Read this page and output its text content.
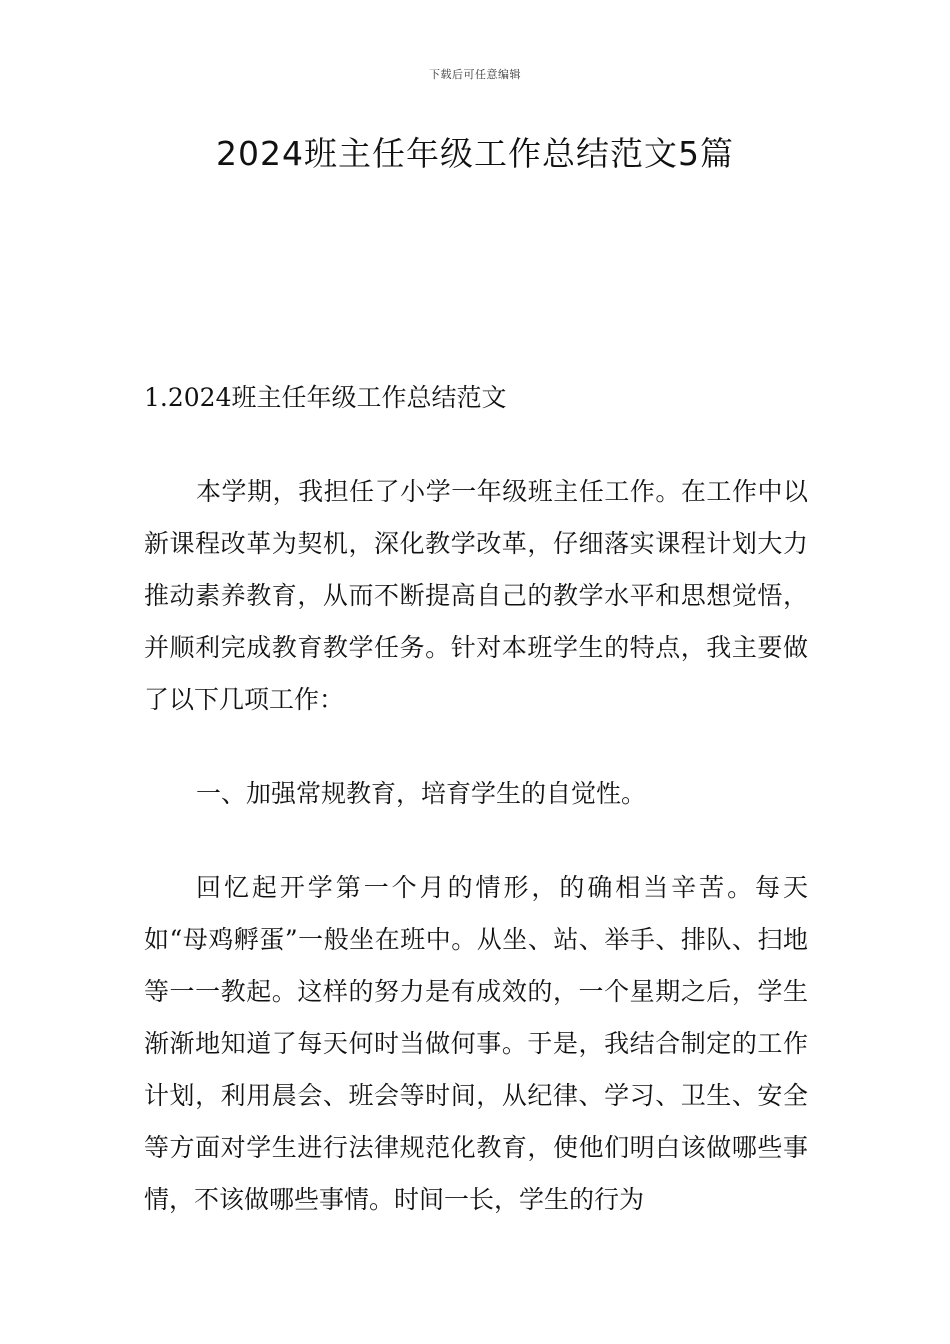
下载后可任意编辑
2024班主任年级工作总结范文5篇

1.2024班主任年级工作总结范文

本学期，我担任了小学一年级班主任工作。在工作中以新课程改革为契机，深化教学改革，仔细落实课程计划大力推动素养教育，从而不断提高自己的教学水平和思想觉悟，并顺利完成教育教学任务。针对本班学生的特点，我主要做了以下几项工作：

一、加强常规教育，培育学生的自觉性。

回忆起开学第一个月的情形，的确相当辛苦。每天如“母鸡孵蛋”一般坐在班中。从坐、站、举手、排队、扫地等一一教起。这样的努力是有成效的，一个星期之后，学生渐渐地知道了每天何时当做何事。于是，我结合制定的工作计划，利用晨会、班会等时间，从纪律、学习、卫生、安全等方面对学生进行法律规范化教育，使他们明白该做哪些事情，不该做哪些事情。时间一长，学生的行为
